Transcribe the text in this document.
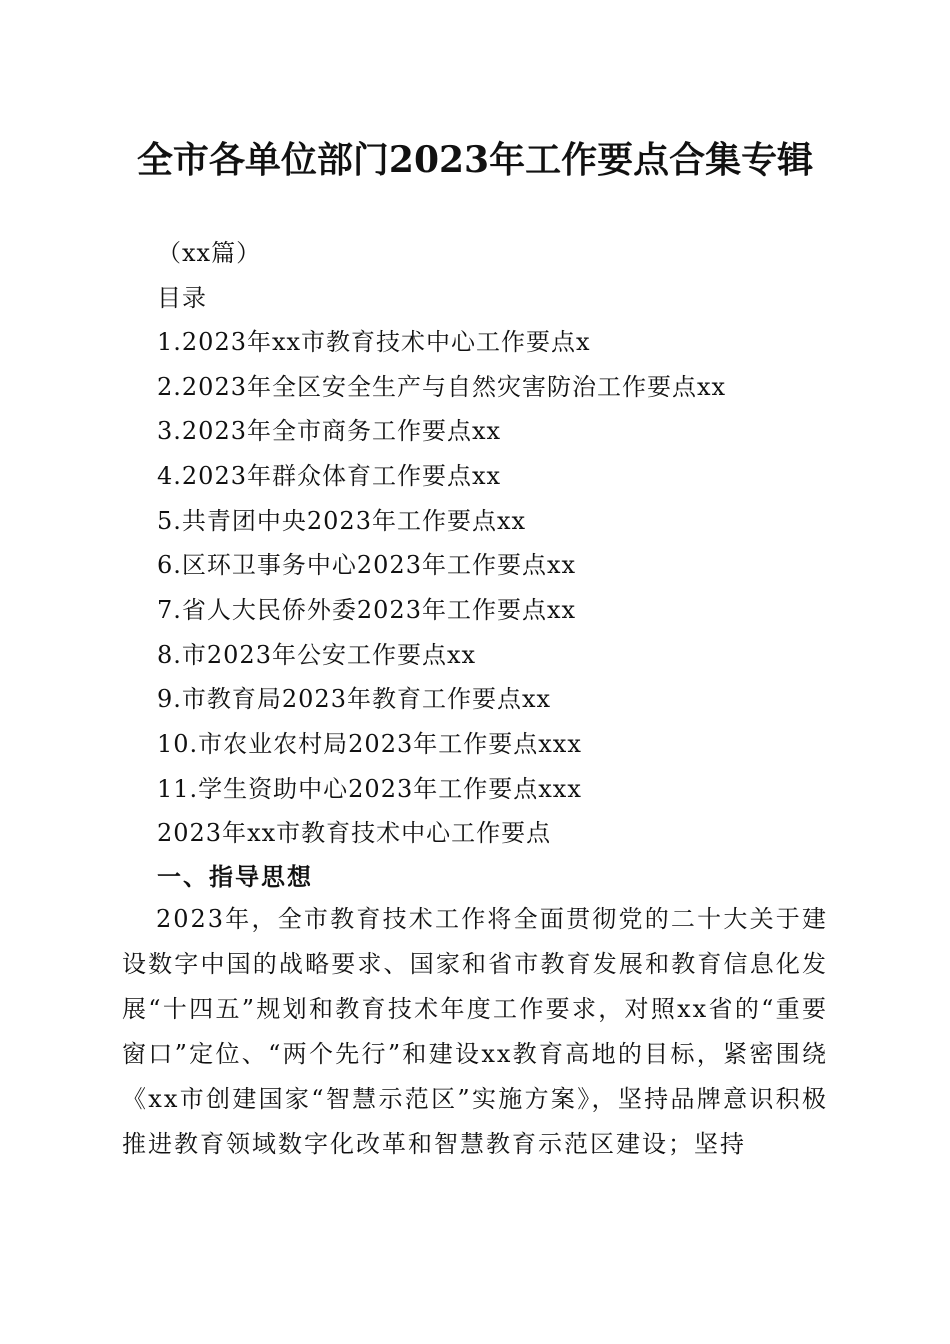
全市各单位部门2023年工作要点合集专辑

（xx篇）

目录

1.2023年xx市教育技术中心工作要点x
2.2023年全区安全生产与自然灾害防治工作要点xx
3.2023年全市商务工作要点xx
4.2023年群众体育工作要点xx
5.共青团中央2023年工作要点xx
6.区环卫事务中心2023年工作要点xx
7.省人大民侨外委2023年工作要点xx
8.市2023年公安工作要点xx
9.市教育局2023年教育工作要点xx
10.市农业农村局2023年工作要点xxx
11.学生资助中心2023年工作要点xxx

2023年xx市教育技术中心工作要点

一、指导思想

2023年，全市教育技术工作将全面贯彻党的二十大关于建设数字中国的战略要求、国家和省市教育发展和教育信息化发展“十四五”规划和教育技术年度工作要求，对照xx省的“重要窗口”定位、“两个先行”和建设xx教育高地的目标，紧密围绕《xx市创建国家“智慧示范区”实施方案》，坚持品牌意识积极推进教育领域数字化改革和智慧教育示范区建设；坚持
